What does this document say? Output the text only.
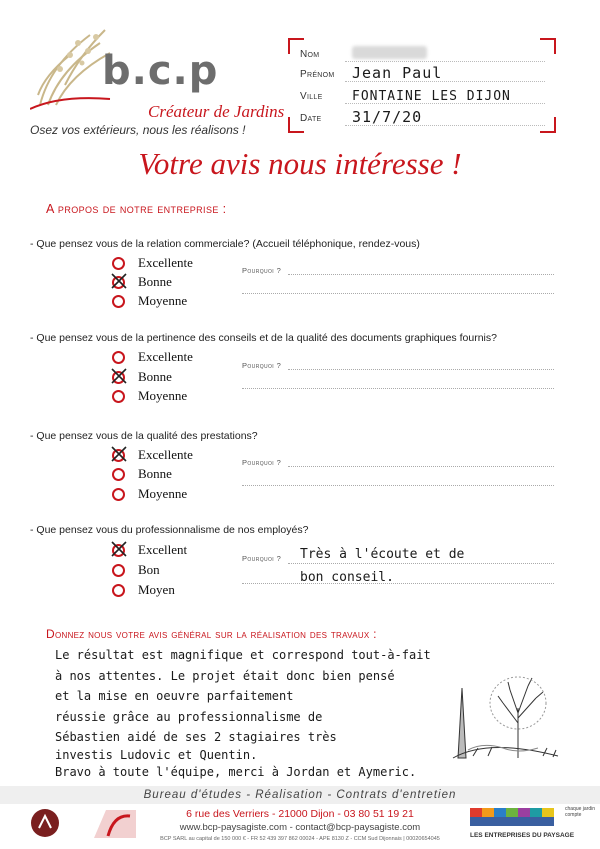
b.c.p
Créateur de Jardins
Osez vos extérieurs, nous les réalisons !
Nom
Prénom Jean Paul
Ville FONTAINE LES DIJON
Date 31/7/20
Votre avis nous intéresse !
A propos de notre entreprise :
- Que pensez vous de la relation commerciale? (Accueil téléphonique, rendez-vous)
Excellente
Bonne
Moyenne
Pourquoi ?
- Que pensez vous de la pertinence des conseils et de la qualité des documents graphiques fournis?
Excellente
Bonne
Moyenne
Pourquoi ?
- Que pensez vous de la qualité des prestations?
Excellente
Bonne
Moyenne
Pourquoi ?
- Que pensez vous du professionnalisme de nos employés?
Excellent
Bon
Moyen
Pourquoi ? Très à l'écoute et de
bon conseil.
Donnez nous votre avis général sur la réalisation des travaux :
Le résultat est magnifique et correspond tout-à-fait
à nos attentes. Le projet était donc bien pensé
et la mise en oeuvre parfaitement
réussie grâce au professionnalisme de
Sébastien aidé de ses 2 stagiaires très
investis Ludovic et Quentin.
Bravo à toute l'équipe, merci à Jordan et Aymeric.
Bureau d'études - Réalisation - Contrats d'entretien
6 rue des Verriers - 21000 Dijon - 03 80 51 19 21
www.bcp-paysagiste.com - contact@bcp-paysagiste.com
BCP SARL au capital de 150 000 € - FR 52 439 397 862 00024 - APE 8130 Z - CCM Sud Dijonnais | 00020654045
chaque jardin compte
LES ENTREPRISES DU PAYSAGE
